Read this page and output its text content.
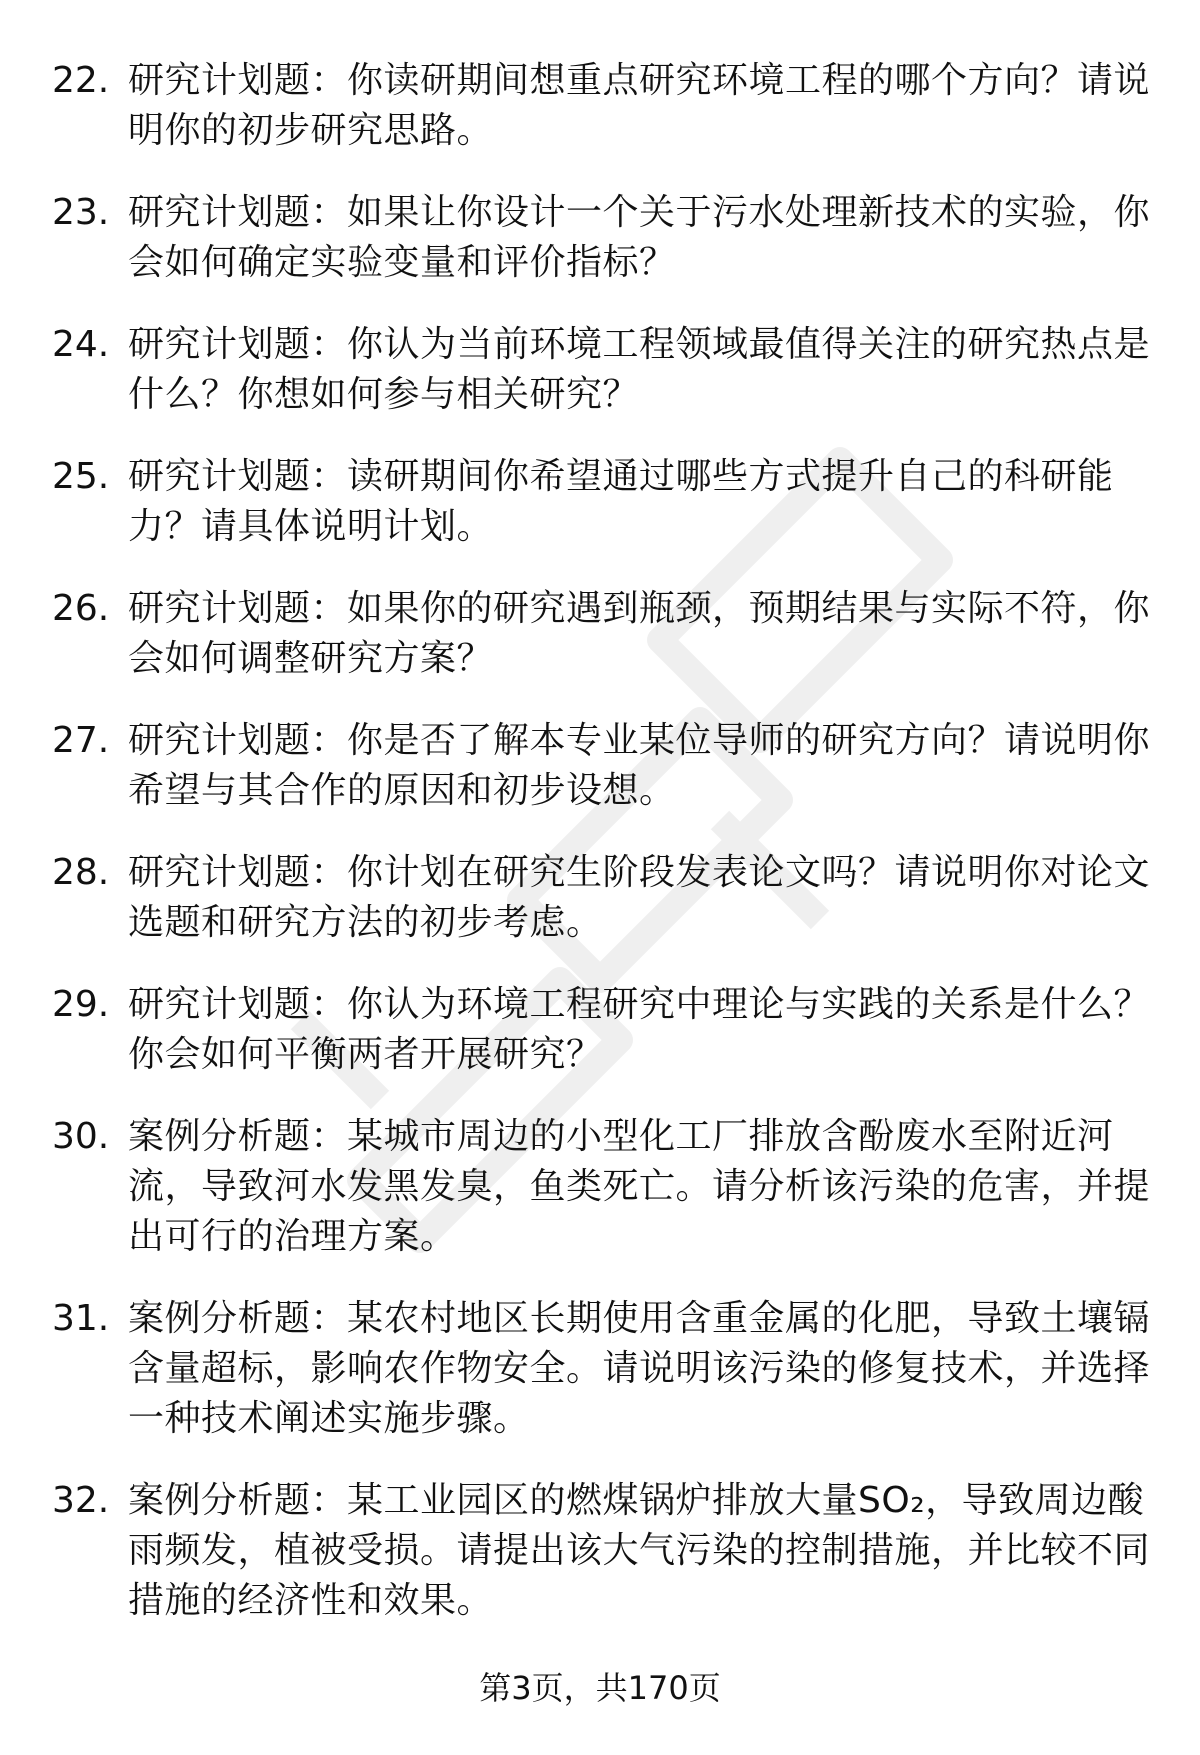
22. 研究计划题：你读研期间想重点研究环境工程的哪个方向？请说明你的初步研究思路。
23. 研究计划题：如果让你设计一个关于污水处理新技术的实验，你会如何确定实验变量和评价指标？
24. 研究计划题：你认为当前环境工程领域最值得关注的研究热点是什么？你想如何参与相关研究？
25. 研究计划题：读研期间你希望通过哪些方式提升自己的科研能力？请具体说明计划。
26. 研究计划题：如果你的研究遇到瓶颈，预期结果与实际不符，你会如何调整研究方案？
27. 研究计划题：你是否了解本专业某位导师的研究方向？请说明你希望与其合作的原因和初步设想。
28. 研究计划题：你计划在研究生阶段发表论文吗？请说明你对论文选题和研究方法的初步考虑。
29. 研究计划题：你认为环境工程研究中理论与实践的关系是什么？你会如何平衡两者开展研究？
30. 案例分析题：某城市周边的小型化工厂排放含酚废水至附近河流，导致河水发黑发臭，鱼类死亡。请分析该污染的危害，并提出可行的治理方案。
31. 案例分析题：某农村地区长期使用含重金属的化肥，导致土壤镉含量超标，影响农作物安全。请说明该污染的修复技术，并选择一种技术阐述实施步骤。
32. 案例分析题：某工业园区的燃煤锅炉排放大量SO₂，导致周边酸雨频发，植被受损。请提出该大气污染的控制措施，并比较不同措施的经济性和效果。
第3页，共170页
